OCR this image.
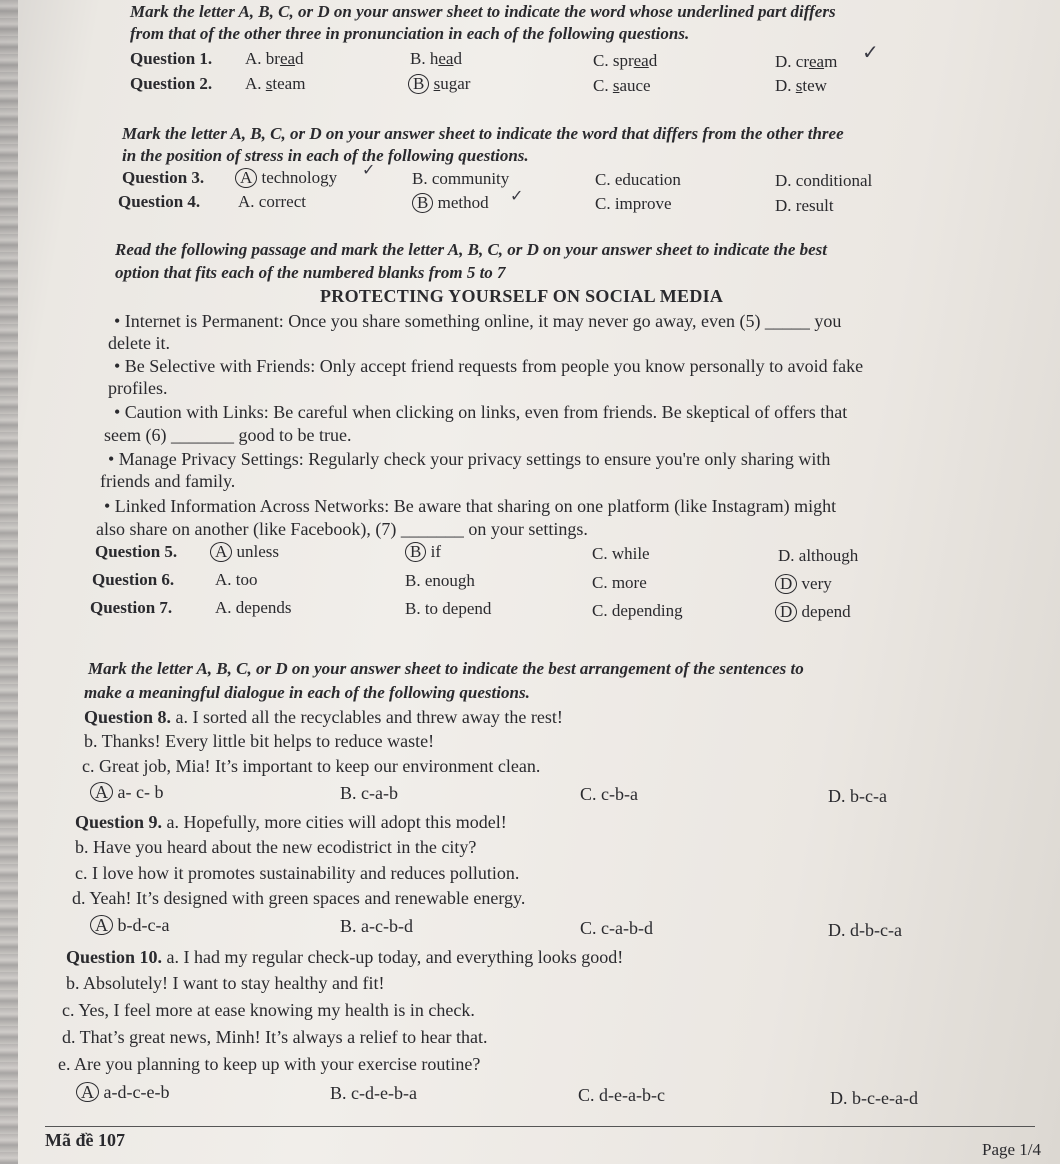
Mark the letter A, B, C, or D on your answer sheet to indicate the word whose underlined part differs
from that of the other three in pronunciation in each of the following questions.
Question 1. A. bread	B. head	C. spread	D. cream ✓
Question 2. A. steam	B sugar	C. sauce	D. stew
Mark the letter A, B, C, or D on your answer sheet to indicate the word that differs from the other three
in the position of stress in each of the following questions.
Question 3. A technology ✓ B. community	C. education	D. conditional
Question 4. A. correct	B method ✓	C. improve	D. result
Read the following passage and mark the letter A, B, C, or D on your answer sheet to indicate the best
option that fits each of the numbered blanks from 5 to 7
PROTECTING YOURSELF ON SOCIAL MEDIA
• Internet is Permanent: Once you share something online, it may never go away, even (5) _____ you
delete it.
• Be Selective with Friends: Only accept friend requests from people you know personally to avoid fake
profiles.
• Caution with Links: Be careful when clicking on links, even from friends. Be skeptical of offers that
seem (6) _______ good to be true.
• Manage Privacy Settings: Regularly check your privacy settings to ensure you're only sharing with
friends and family.
• Linked Information Across Networks: Be aware that sharing on one platform (like Instagram) might
also share on another (like Facebook), (7) _______ on your settings.
Question 5. A unless	B if	C. while	D. although
Question 6. A. too	B. enough	C. more	D very
Question 7.	A. depends	B. to depend	C. depending	D depend
Mark the letter A, B, C, or D on your answer sheet to indicate the best arrangement of the sentences to
make a meaningful dialogue in each of the following questions.
Question 8. a. I sorted all the recyclables and threw away the rest!
b. Thanks! Every little bit helps to reduce waste!
c. Great job, Mia! It’s important to keep our environment clean.
A a- c- b	B. c-a-b	C. c-b-a	D. b-c-a
Question 9. a. Hopefully, more cities will adopt this model!
b. Have you heard about the new ecodistrict in the city?
c. I love how it promotes sustainability and reduces pollution.
d. Yeah! It’s designed with green spaces and renewable energy.
A b-d-c-a	B. a-c-b-d	C. c-a-b-d	D. d-b-c-a
Question 10. a. I had my regular check-up today, and everything looks good!
b. Absolutely! I want to stay healthy and fit!
c. Yes, I feel more at ease knowing my health is in check.
d. That’s great news, Minh! It’s always a relief to hear that.
e. Are you planning to keep up with your exercise routine?
A a-d-c-e-b	B. c-d-e-b-a	C. d-e-a-b-c	D. b-c-e-a-d
Mã đề 107	Page 1/4
